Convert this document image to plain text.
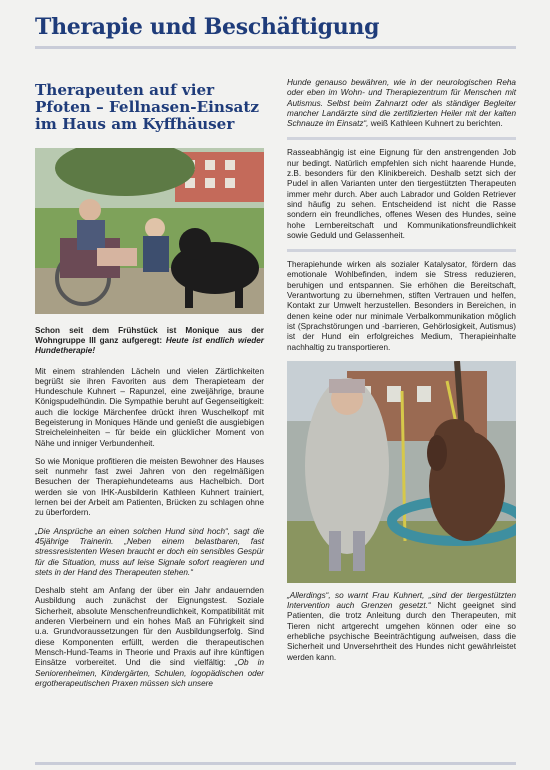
Therapie und Beschäftigung
Therapeuten auf vier Pfoten – Fellnasen-Einsatz im Haus am Kyffhäuser

Schon seit dem Frühstück ist Monique aus der Wohngruppe III ganz aufgeregt: Heute ist endlich wieder Hundetherapie!

Mit einem strahlenden Lächeln und vielen Zärtlichkeiten begrüßt sie ihren Favoriten aus dem Therapieteam der Hundeschule Kuhnert – Rapunzel, eine zweijährige, braune Königspudelhündin. Die Sympathie beruht auf Gegenseitigkeit: auch die lockige Märchenfee drückt ihren Wuschelkopf mit Begeisterung in Moniques Hände und genießt die ausgiebigen Streicheleinheiten – für beide ein glücklicher Moment von Nähe und inniger Verbundenheit.

So wie Monique profitieren die meisten Bewohner des Hauses seit nunmehr fast zwei Jahren von den regelmäßigen Besuchen der Therapiehundeteams aus Hachelbich. Dort werden sie von IHK-Ausbilderin Kathleen Kuhnert trainiert, lernen bei der Arbeit am Patienten, Brücken zu schlagen ohne zu überfordern.

„Die Ansprüche an einen solchen Hund sind hoch“, sagt die 45jährige Trainerin. „Neben einem belastbaren, fast stressresistenten Wesen braucht er doch ein sensibles Gespür für die Situation, muss auf leise Signale sofort reagieren und stets in der Hand des Therapeuten stehen.“

Deshalb steht am Anfang der über ein Jahr andauernden Ausbildung auch zunächst der Eignungstest. Soziale Sicherheit, absolute Menschenfreundlichkeit, Kompatibilität mit anderen Vierbeinern und ein hohes Maß an Führigkeit sind u.a. Grundvoraussetzungen für den Ausbildungserfolg. Sind diese Komponenten erfüllt, werden die therapeutischen Mensch-Hund-Teams in Theorie und Praxis auf ihre künftigen Einsätze vorbereitet. Und die sind vielfältig: „Ob in Seniorenheimen, Kindergärten, Schulen, logopädischen oder ergotherapeutischen Praxen müssen sich unsere

Hunde genauso bewähren, wie in der neurologischen Reha oder eben im Wohn- und Therapiezentrum für Menschen mit Autismus. Selbst beim Zahnarzt oder als ständiger Begleiter mancher Landärzte sind die zertifizierten Heiler mit der kalten Schnauze im Einsatz“, weiß Kathleen Kuhnert zu berichten.

Rasseabhängig ist eine Eignung für den anstrengenden Job nur bedingt. Natürlich empfehlen sich nicht haarende Hunde, z.B. besonders für den Klinikbereich. Deshalb setzt sich der Pudel in allen Varianten unter den tiergestützten Therapeuten immer mehr durch. Aber auch Labrador und Golden Retriever sind häufig zu sehen. Entscheidend ist nicht die Rasse sondern ein freundliches, offenes Wesen des Hundes, seine hohe Lernbereitschaft und Kommunikationsfreundlichkeit sowie Geduld und Gelassenheit.

Therapiehunde wirken als sozialer Katalysator, fördern das emotionale Wohlbefinden, indem sie Stress reduzieren, beruhigen und entspannen. Sie erhöhen die Bereitschaft, Verantwortung zu übernehmen, stiften Vertrauen und helfen, Kontakt zur Umwelt herzustellen. Besonders in Bereichen, in denen keine oder nur minimale Verbalkommunikation möglich ist (Sprachstörungen und -barrieren, Gehörlosigkeit, Autismus) ist der Hund ein erfolgreiches Medium, Therapieinhalte nachhaltig zu transportieren.

„Allerdings“, so warnt Frau Kuhnert, „sind der tiergestützten Intervention auch Grenzen gesetzt.“ Nicht geeignet sind Patienten, die trotz Anleitung durch den Therapeuten, mit Tieren nicht artgerecht umgehen können oder eine so erhebliche psychische Beeinträchtigung aufweisen, dass die Sicherheit und Unversehrtheit des Hundes nicht gewährleistet werden kann.
